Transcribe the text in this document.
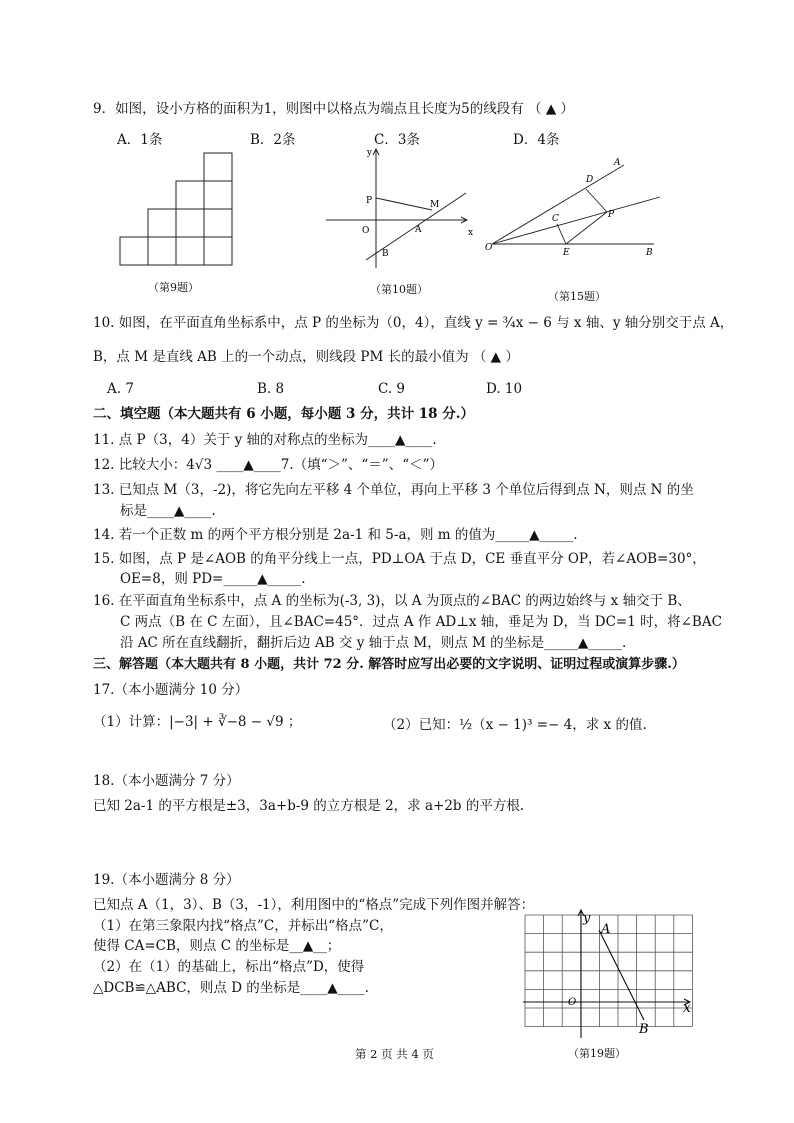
9．如图，设小方格的面积为1，则图中以格点为端点且长度为5的线段有 （ ▲ ）
A．1条	B．2条	C．3条	D．4条
（第9题）
y
x
O
P	M
A
B
（第10题）
O
A
D
P
C
E	B
（第15题）
10. 如图，在平面直角坐标系中，点 P 的坐标为（0，4），直线 y = ¾x − 6 与 x 轴、y 轴分别交于点 A，
B，点 M 是直线 AB 上的一个动点，则线段 PM 长的最小值为 （ ▲ ）
A. 7	B. 8	C. 9	D. 10
二、填空题（本大题共有 6 小题，每小题 3 分，共计 18 分.）
11. 点 P（3，4）关于 y 轴的对称点的坐标为____▲____.
12. 比较大小：4√3 ____▲____7.（填“＞”、“＝”、“＜”）
13. 已知点 M（3，-2)，将它先向左平移 4 个单位，再向上平移 3 个单位后得到点 N，则点 N 的坐
标是____▲____.
14. 若一个正数 m 的两个平方根分别是 2a-1 和 5-a，则 m 的值为_____▲_____.
15. 如图，点 P 是∠AOB 的角平分线上一点，PD⊥OA 于点 D，CE 垂直平分 OP，若∠AOB=30°，
OE=8，则 PD=_____▲_____.
16. 在平面直角坐标系中，点 A 的坐标为(-3, 3)，以 A 为顶点的∠BAC 的两边始终与 x 轴交于 B、
C 两点（B 在 C 左面），且∠BAC=45°．过点 A 作 AD⊥x 轴，垂足为 D，当 DC=1 时，将∠BAC
沿 AC 所在直线翻折，翻折后边 AB 交 y 轴于点 M，则点 M 的坐标是_____▲_____.
三、解答题（本大题共有 8 小题，共计 72 分. 解答时应写出必要的文字说明、证明过程或演算步骤.）
17.（本小题满分 10 分）
（1）计算：|−3| + ∛−8 − √9 ；	（2）已知：½（x − 1)³ =− 4，求 x 的值.
18.（本小题满分 7 分）
已知 2a-1 的平方根是±3，3a+b-9 的立方根是 2，求 a+2b 的平方根.
19.（本小题满分 8 分）
已知点 A（1，3）、B（3，-1），利用图中的“格点”完成下列作图并解答：
（1）在第三象限内找“格点”C，并标出“格点”C，
使得 CA=CB，则点 C 的坐标是__▲__；
（2）在（1）的基础上，标出“格点”D，使得
△DCB≌△ABC，则点 D 的坐标是____▲____.
y
x
O
A
B
（第19题）
第 2 页 共 4 页
